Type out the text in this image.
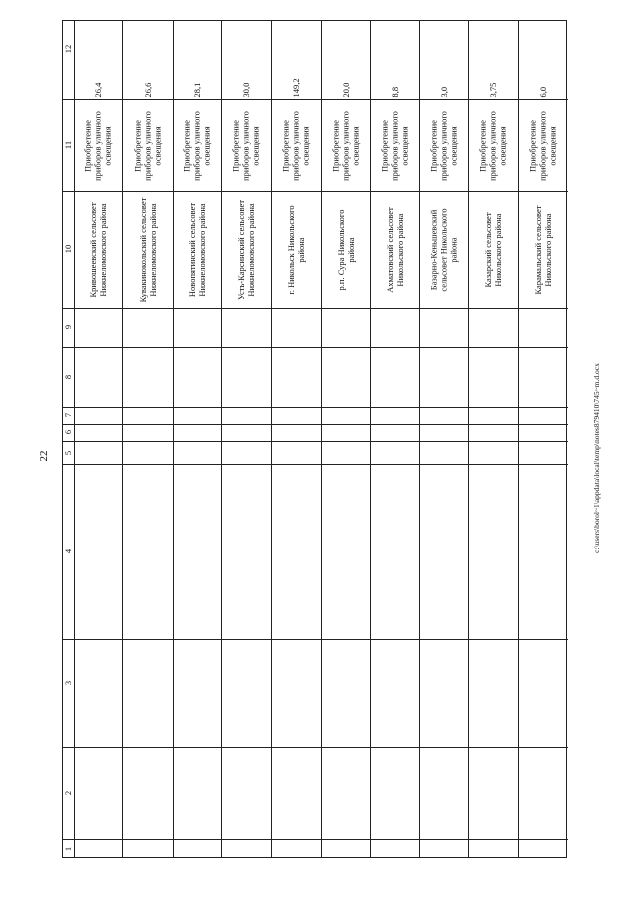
22
12
11
10
9
8
7
6
5
4
3
2
1
Кривошеевский сельсовет Нижнеломовского района
Приобретение приборов уличного освещения
26,4
Кувакинокольский сельсовет Нижнеломовского района
Приобретение приборов уличного освещения
26,6
Новопятинский сельсовет Нижнеломовского района
Приобретение приборов уличного освещения
28,1
Усть-Карсинский сельсовет Нижнеломовского района
Приобретение приборов уличного освещения
30,0
г. Никольск Никольского района
Приобретение приборов уличного освещения
149,2
р.п. Сура Никольского района
Приобретение приборов уличного освещения
20,0
Ахматовский сельсовет Никольского района
Приобретение приборов уличного освещения
8,8
Базарно-Кеньшевский сельсовет Никольского района
Приобретение приборов уличного освещения
3,0
Казарский сельсовет Никольского района
Приобретение приборов уличного освещения
3,75
Карамальский сельсовет Никольского района
Приобретение приборов уличного освещения
6,0
c:\users\borol~1\appdata\local\temp\notes879410\745~m.d.ocx
